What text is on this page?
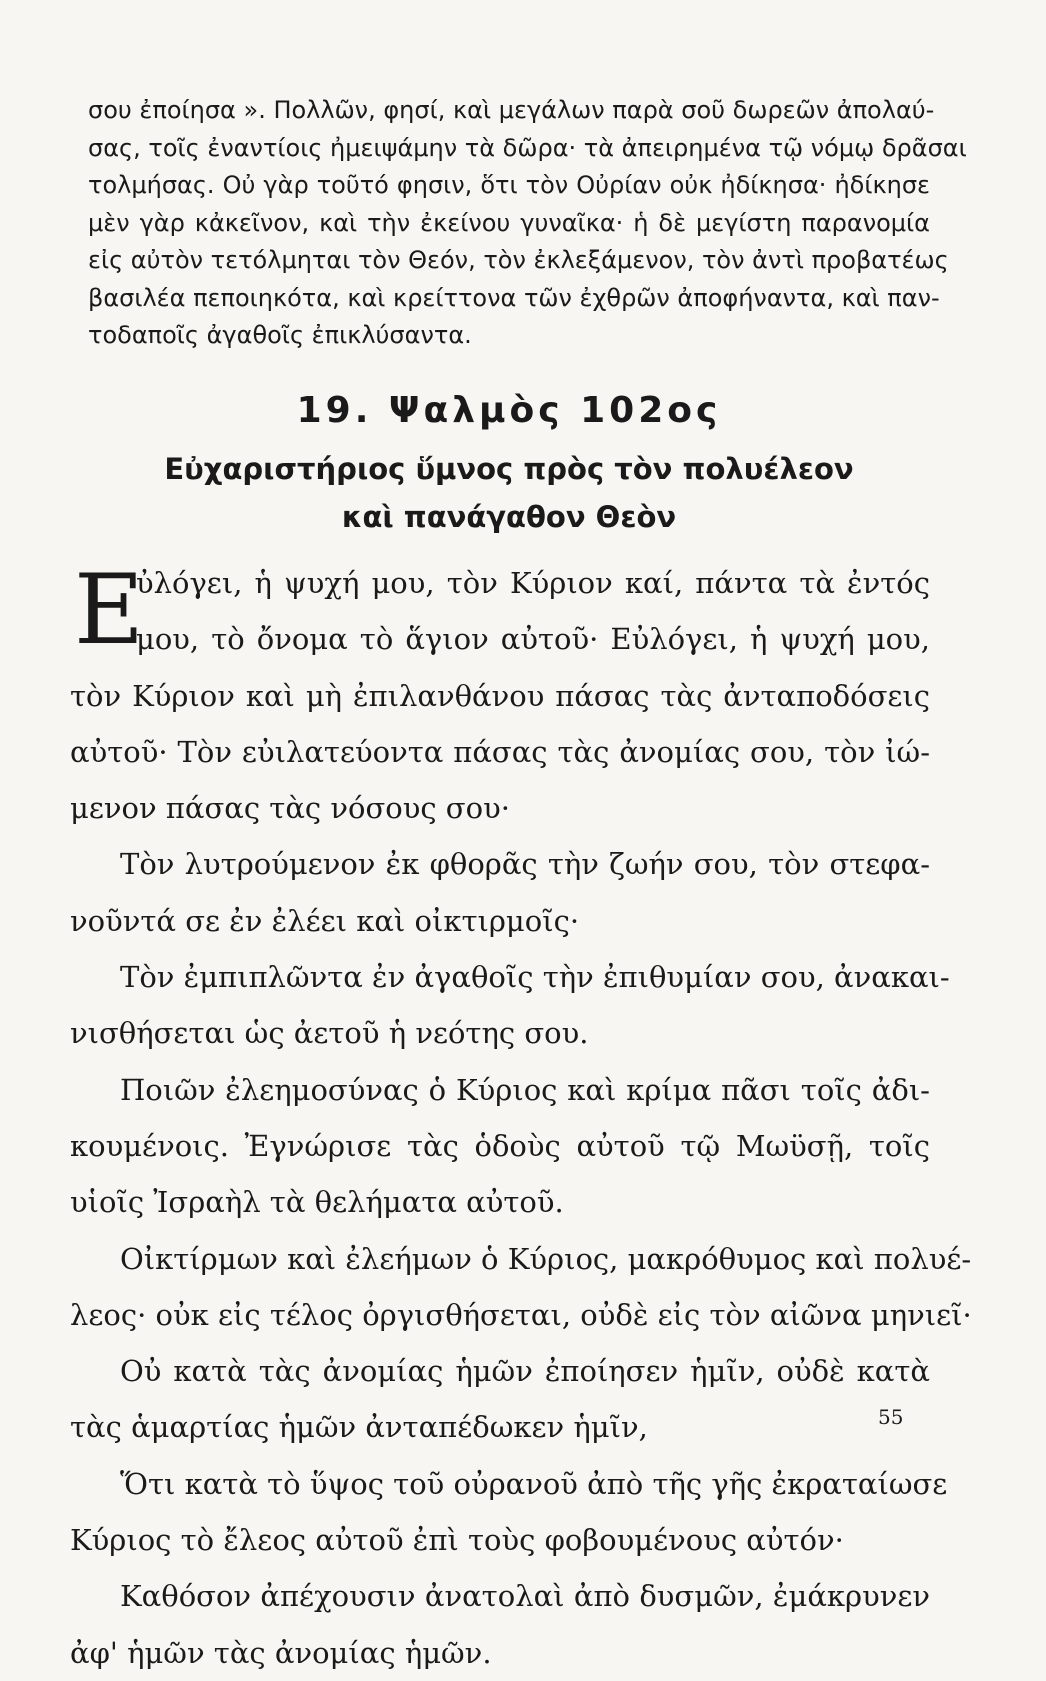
σου ἐποίησα ». Πολλῶν, φησί, καὶ μεγάλων παρὰ σοῦ δωρεῶν ἀπολαύ-
σας, τοῖς ἐναντίοις ἠμειψάμην τὰ δῶρα· τὰ ἀπειρημένα τῷ νόμῳ δρᾶσαι
τολμήσας. Οὐ γὰρ τοῦτό φησιν, ὅτι τὸν Οὐρίαν οὐκ ἠδίκησα· ἠδίκησε
μὲν γὰρ κἀκεῖνον, καὶ τὴν ἐκείνου γυναῖκα· ἡ δὲ μεγίστη παρανομία
εἰς αὐτὸν τετόλμηται τὸν Θεόν, τὸν ἐκλεξάμενον, τὸν ἀντὶ προβατέως
βασιλέα πεποιηκότα, καὶ κρείττονα τῶν ἐχθρῶν ἀποφήναντα, καὶ παν-
τοδαποῖς ἀγαθοῖς ἐπικλύσαντα.
19. Ψαλμὸς 102ος
Εὐχαριστήριος ὕμνος πρὸς τὸν πολυέλεον
καὶ πανάγαθον Θεὸν
Ε
ὐλόγει, ἡ ψυχή μου, τὸν Κύριον καί, πάντα τὰ ἐντός
μου, τὸ ὄνομα τὸ ἅγιον αὐτοῦ· Εὐλόγει, ἡ ψυχή μου,
τὸν Κύριον καὶ μὴ ἐπιλανθάνου πάσας τὰς ἀνταποδόσεις
αὐτοῦ· Τὸν εὐιλατεύοντα πάσας τὰς ἀνομίας σου, τὸν ἰώ-
μενον πάσας τὰς νόσους σου·
Τὸν λυτρούμενον ἐκ φθορᾶς τὴν ζωήν σου, τὸν στεφα-
νοῦντά σε ἐν ἐλέει καὶ οἰκτιρμοῖς·
Τὸν ἐμπιπλῶντα ἐν ἀγαθοῖς τὴν ἐπιθυμίαν σου, ἀνακαι-
νισθήσεται ὡς ἀετοῦ ἡ νεότης σου.
Ποιῶν ἐλεημοσύνας ὁ Κύριος καὶ κρίμα πᾶσι τοῖς ἀδι-
κουμένοις. Ἐγνώρισε τὰς ὁδοὺς αὐτοῦ τῷ Μωϋσῇ, τοῖς
υἱοῖς Ἰσραὴλ τὰ θελήματα αὐτοῦ.
Οἰκτίρμων καὶ ἐλεήμων ὁ Κύριος, μακρόθυμος καὶ πολυέ-
λεος· οὐκ εἰς τέλος ὀργισθήσεται, οὐδὲ εἰς τὸν αἰῶνα μηνιεῖ·
Οὐ κατὰ τὰς ἀνομίας ἡμῶν ἐποίησεν ἡμῖν, οὐδὲ κατὰ
τὰς ἁμαρτίας ἡμῶν ἀνταπέδωκεν ἡμῖν,
Ὅτι κατὰ τὸ ὕψος τοῦ οὐρανοῦ ἀπὸ τῆς γῆς ἐκραταίωσε
Κύριος τὸ ἔλεος αὐτοῦ ἐπὶ τοὺς φοβουμένους αὐτόν·
Καθόσον ἀπέχουσιν ἀνατολαὶ ἀπὸ δυσμῶν, ἐμάκρυνεν
ἀφ' ἡμῶν τὰς ἀνομίας ἡμῶν.
55
